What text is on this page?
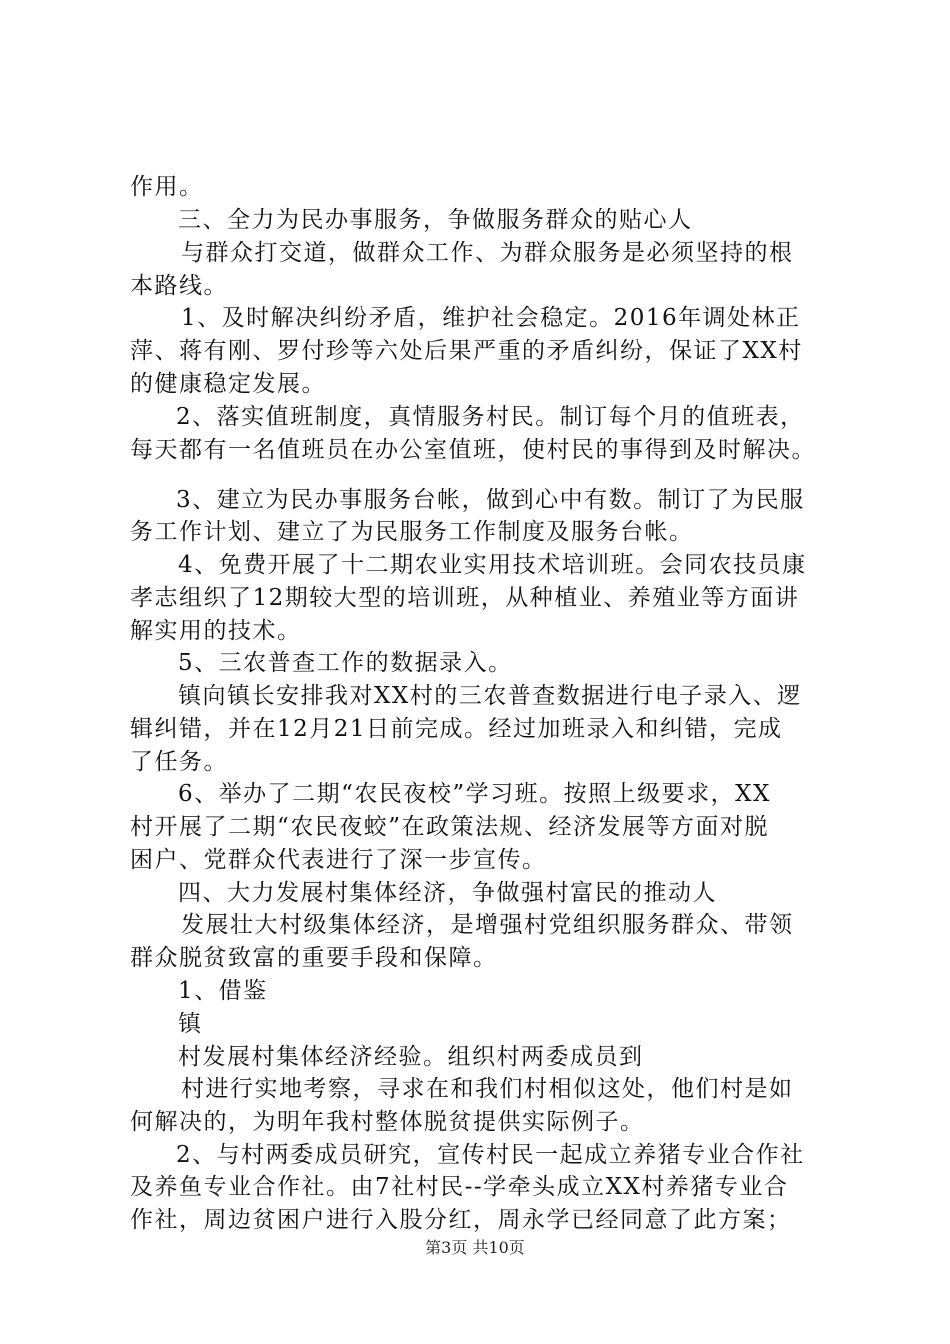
作用。
三、全力为民办事服务，争做服务群众的贴心人
与群众打交道，做群众工作、为群众服务是必须坚持的根
本路线。
1、及时解决纠纷矛盾，维护社会稳定。2016年调处林正
萍、蒋有刚、罗付珍等六处后果严重的矛盾纠纷，保证了XX村
的健康稳定发展。
2、落实值班制度，真情服务村民。制订每个月的值班表，
每天都有一名值班员在办公室值班，使村民的事得到及时解决。
3、建立为民办事服务台帐，做到心中有数。制订了为民服
务工作计划、建立了为民服务工作制度及服务台帐。
4、免费开展了十二期农业实用技术培训班。会同农技员康
孝志组织了12期较大型的培训班，从种植业、养殖业等方面讲
解实用的技术。
5、三农普查工作的数据录入。
镇向镇长安排我对XX村的三农普查数据进行电子录入、逻
辑纠错，并在12月21日前完成。经过加班录入和纠错，完成
了任务。
6、举办了二期“农民夜校”学习班。按照上级要求，XX
村开展了二期“农民夜蛟”在政策法规、经济发展等方面对脱
困户、党群众代表进行了深一步宣传。
四、大力发展村集体经济，争做强村富民的推动人
发展壮大村级集体经济，是增强村党组织服务群众、带领
群众脱贫致富的重要手段和保障。
1、借鉴
镇
村发展村集体经济经验。组织村两委成员到
村进行实地考察，寻求在和我们村相似这处，他们村是如
何解决的，为明年我村整体脱贫提供实际例子。
2、与村两委成员研究，宣传村民一起成立养猪专业合作社
及养鱼专业合作社。由7社村民--学牵头成立XX村养猪专业合
作社，周边贫困户进行入股分红，周永学已经同意了此方案；
第3页 共10页
